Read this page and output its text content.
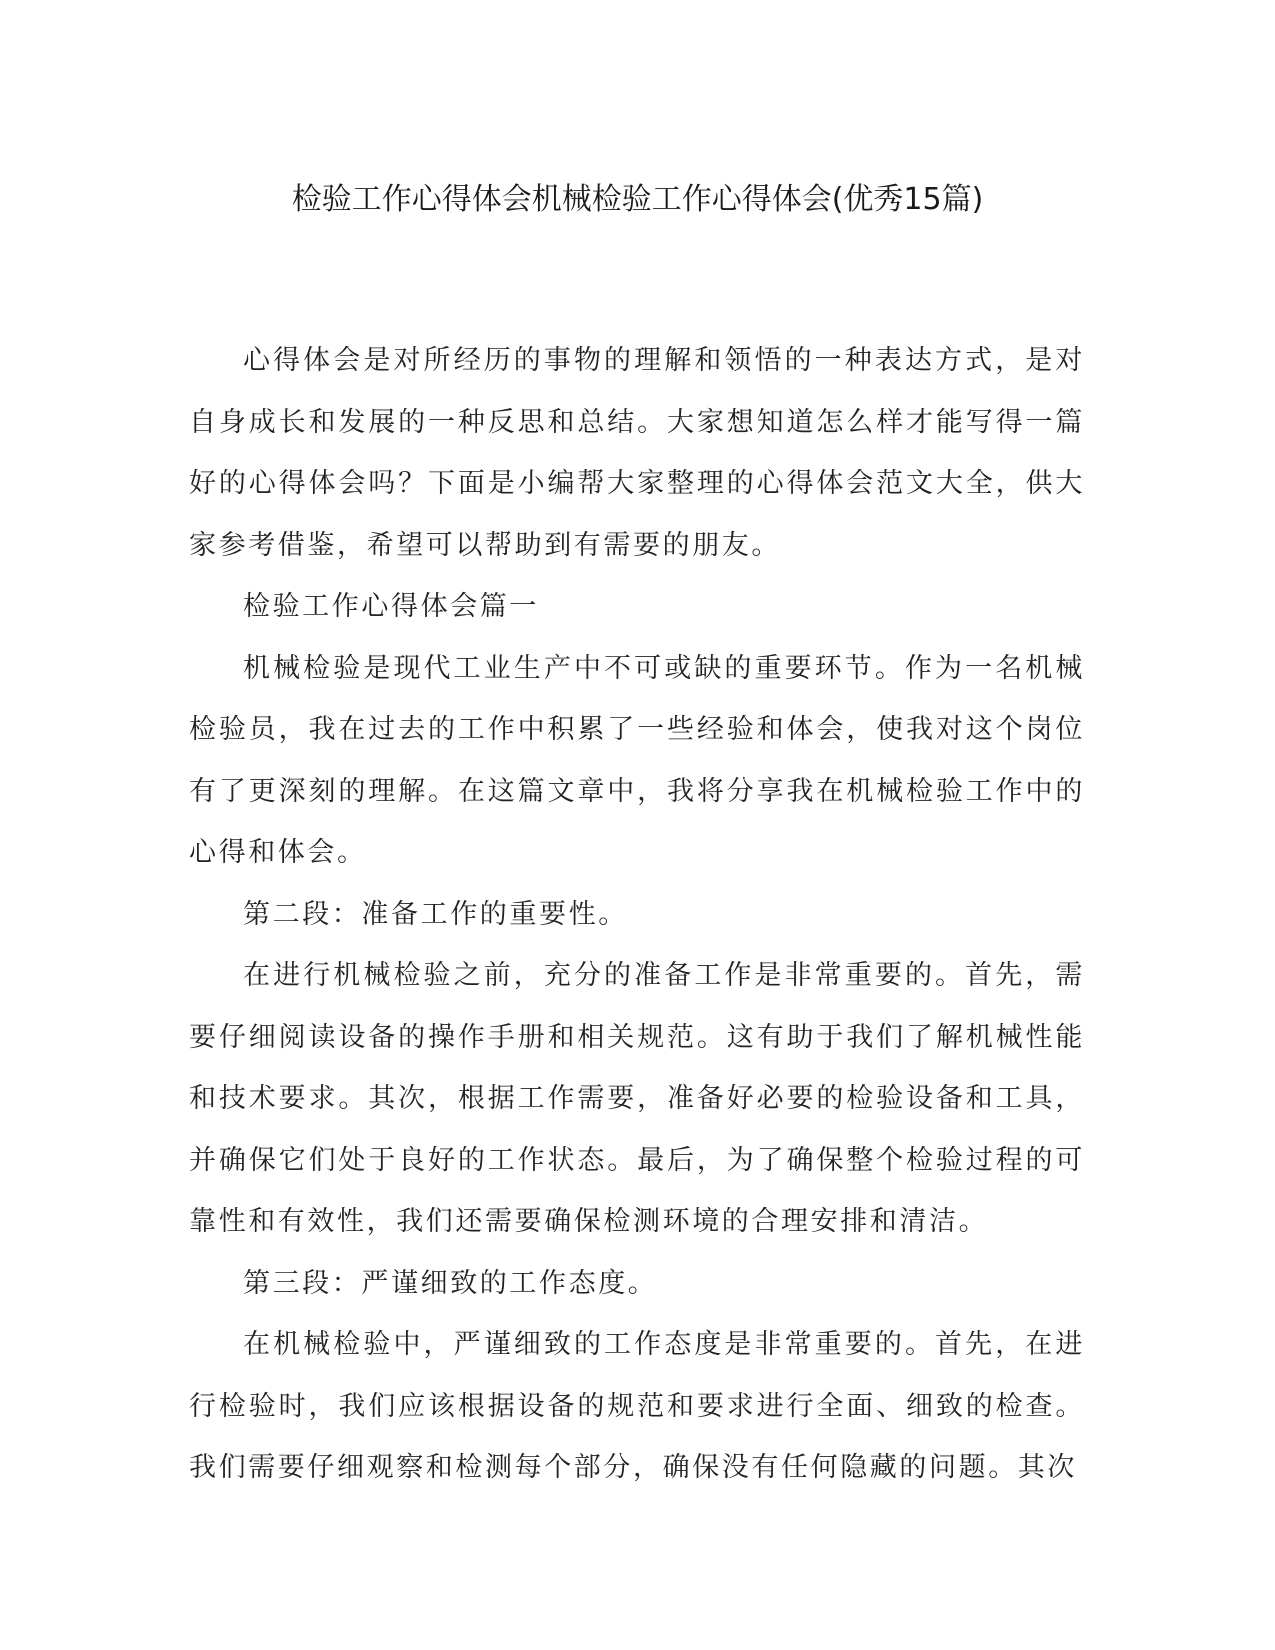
检验工作心得体会机械检验工作心得体会(优秀15篇)

心得体会是对所经历的事物的理解和领悟的一种表达方式，是对自身成长和发展的一种反思和总结。大家想知道怎么样才能写得一篇好的心得体会吗？下面是小编帮大家整理的心得体会范文大全，供大家参考借鉴，希望可以帮助到有需要的朋友。

检验工作心得体会篇一

机械检验是现代工业生产中不可或缺的重要环节。作为一名机械检验员，我在过去的工作中积累了一些经验和体会，使我对这个岗位有了更深刻的理解。在这篇文章中，我将分享我在机械检验工作中的心得和体会。

第二段：准备工作的重要性。

在进行机械检验之前，充分的准备工作是非常重要的。首先，需要仔细阅读设备的操作手册和相关规范。这有助于我们了解机械性能和技术要求。其次，根据工作需要，准备好必要的检验设备和工具，并确保它们处于良好的工作状态。最后，为了确保整个检验过程的可靠性和有效性，我们还需要确保检测环境的合理安排和清洁。

第三段：严谨细致的工作态度。

在机械检验中，严谨细致的工作态度是非常重要的。首先，在进行检验时，我们应该根据设备的规范和要求进行全面、细致的检查。我们需要仔细观察和检测每个部分，确保没有任何隐藏的问题。其次
